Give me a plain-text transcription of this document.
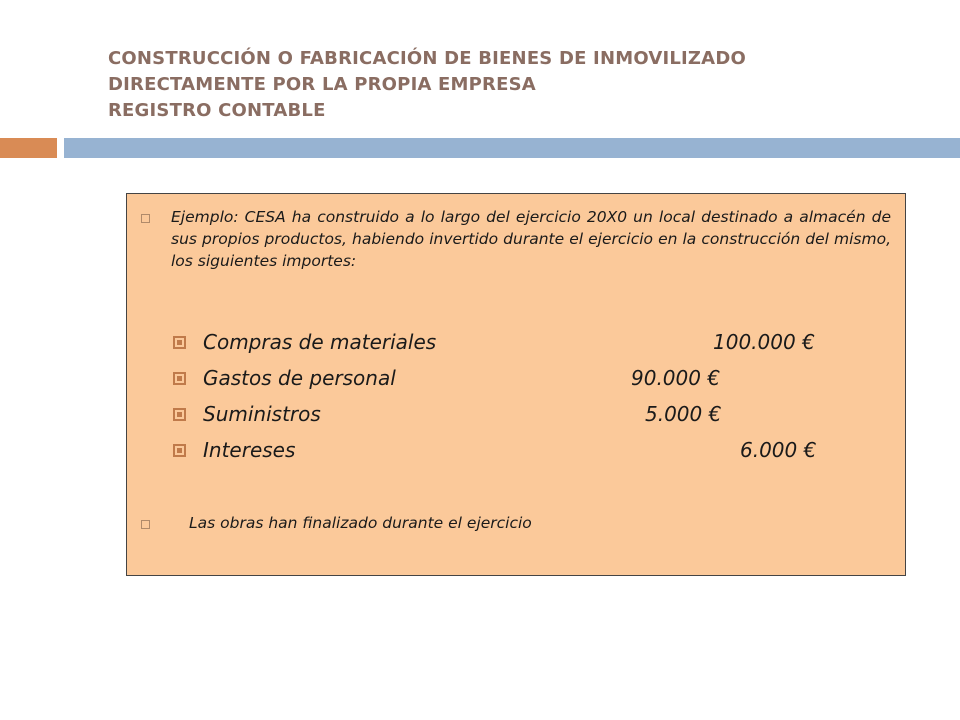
CONSTRUCCIÓN O FABRICACIÓN DE BIENES DE INMOVILIZADO
DIRECTAMENTE POR LA PROPIA EMPRESA
REGISTRO CONTABLE
Ejemplo: CESA ha construido a lo largo del ejercicio 20X0 un local destinado a almacén de sus propios productos, habiendo invertido durante el ejercicio en la construcción del mismo, los siguientes importes:
Compras de materiales	100.000 €
Gastos de personal	90.000 €
Suministros	5.000 €
Intereses	6.000 €
Las obras han finalizado durante el ejercicio
